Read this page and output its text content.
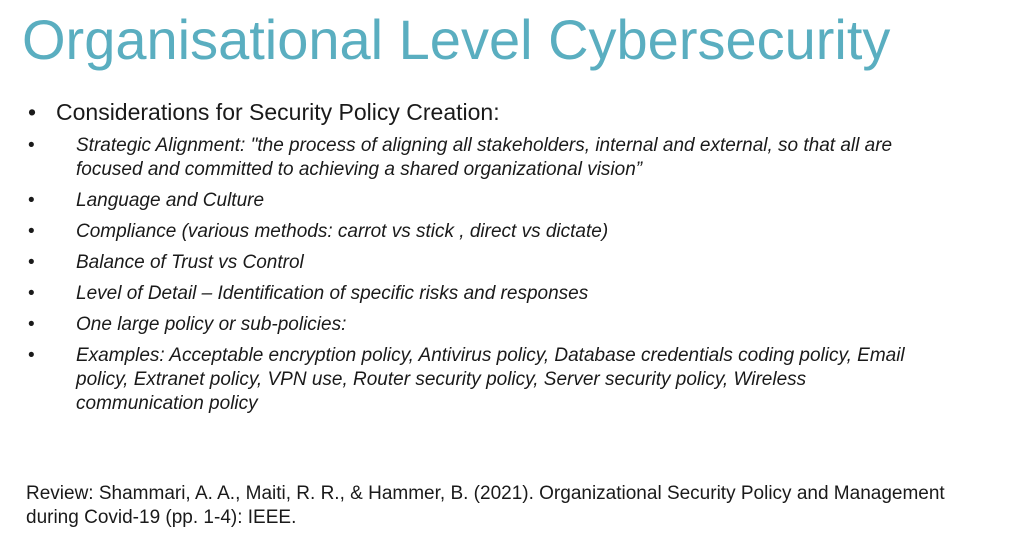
Organisational Level Cybersecurity
• Considerations for Security Policy Creation:
•	Strategic Alignment: "the process of aligning all stakeholders, internal and external, so that all are focused and committed to achieving a shared organizational vision”
•	Language and Culture
•	Compliance (various methods: carrot vs stick , direct vs dictate)
•	Balance of Trust vs Control
•	Level of Detail – Identification of specific risks and responses
•	One large policy or sub-policies:
•	Examples: Acceptable encryption policy, Antivirus policy, Database credentials coding policy, Email policy, Extranet policy, VPN use, Router security policy, Server security policy, Wireless communication policy
Review: Shammari, A. A., Maiti, R. R., & Hammer, B. (2021). Organizational Security Policy and Management during Covid-19 (pp. 1-4): IEEE.
